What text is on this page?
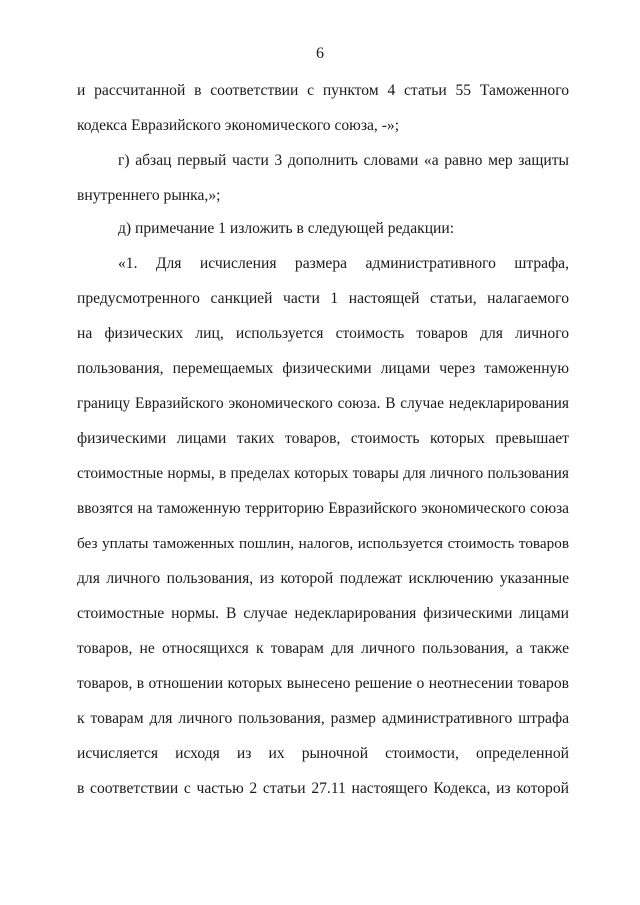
6
и рассчитанной в соответствии с пунктом 4 статьи 55 Таможенного
кодекса Евразийского экономического союза, -»;
г) абзац первый части 3 дополнить словами «а равно мер защиты
внутреннего рынка,»;
д) примечание 1 изложить в следующей редакции:
«1. Для исчисления размера административного штрафа,
предусмотренного санкцией части 1 настоящей статьи, налагаемого
на физических лиц, используется стоимость товаров для личного
пользования, перемещаемых физическими лицами через таможенную
границу Евразийского экономического союза. В случае недекларирования
физическими лицами таких товаров, стоимость которых превышает
стоимостные нормы, в пределах которых товары для личного пользования
ввозятся на таможенную территорию Евразийского экономического союза
без уплаты таможенных пошлин, налогов, используется стоимость товаров
для личного пользования, из которой подлежат исключению указанные
стоимостные нормы. В случае недекларирования физическими лицами
товаров, не относящихся к товарам для личного пользования, а также
товаров, в отношении которых вынесено решение о неотнесении товаров
к товарам для личного пользования, размер административного штрафа
исчисляется исходя из их рыночной стоимости, определенной
в соответствии с частью 2 статьи 27.11 настоящего Кодекса, из которой
